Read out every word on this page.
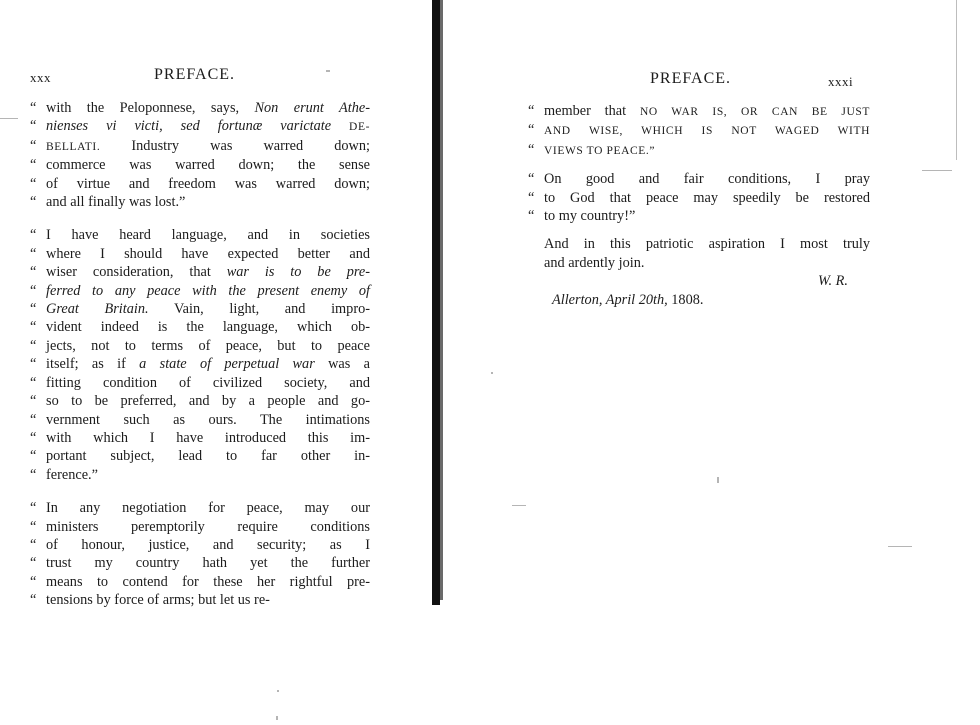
xxx	PREFACE.
“with the Peloponnese, says, Non erunt Athe-
“nienses vi victi, sed fortunæ varictate DE-
“BELLATI. Industry was warred down;
“commerce was warred down; the sense
“of virtue and freedom was warred down;
“and all finally was lost.”
“ I have heard language, and in societies
“where I should have expected better and
“wiser consideration, that war is to be pre-
“ferred to any peace with the present enemy of
“Great Britain. Vain, light, and impro-
“vident indeed is the language, which ob-
“jects, not to terms of peace, but to peace
“itself; as if a state of perpetual war was a
“fitting condition of civilized society, and
“so to be preferred, and by a people and go-
“vernment such as ours. The intimations
“with which I have introduced this im-
“portant subject, lead to far other in-
“ference.”
“In any negotiation for peace, may our
“ministers peremptorily require conditions
“of honour, justice, and security; as I
“trust my country hath yet the further
“means to contend for these her rightful pre-
“tensions by force of arms; but let us re-
PREFACE.	xxxi
“member that NO WAR IS, OR CAN BE JUST
“AND WISE, WHICH IS NOT WAGED WITH
“VIEWS TO PEACE.”
“On good and fair conditions, I pray
“to God that peace may speedily be restored
“to my country!”
And in this patriotic aspiration I most truly
and ardently join.
W. R.
Allerton, April 20th, 1808.
